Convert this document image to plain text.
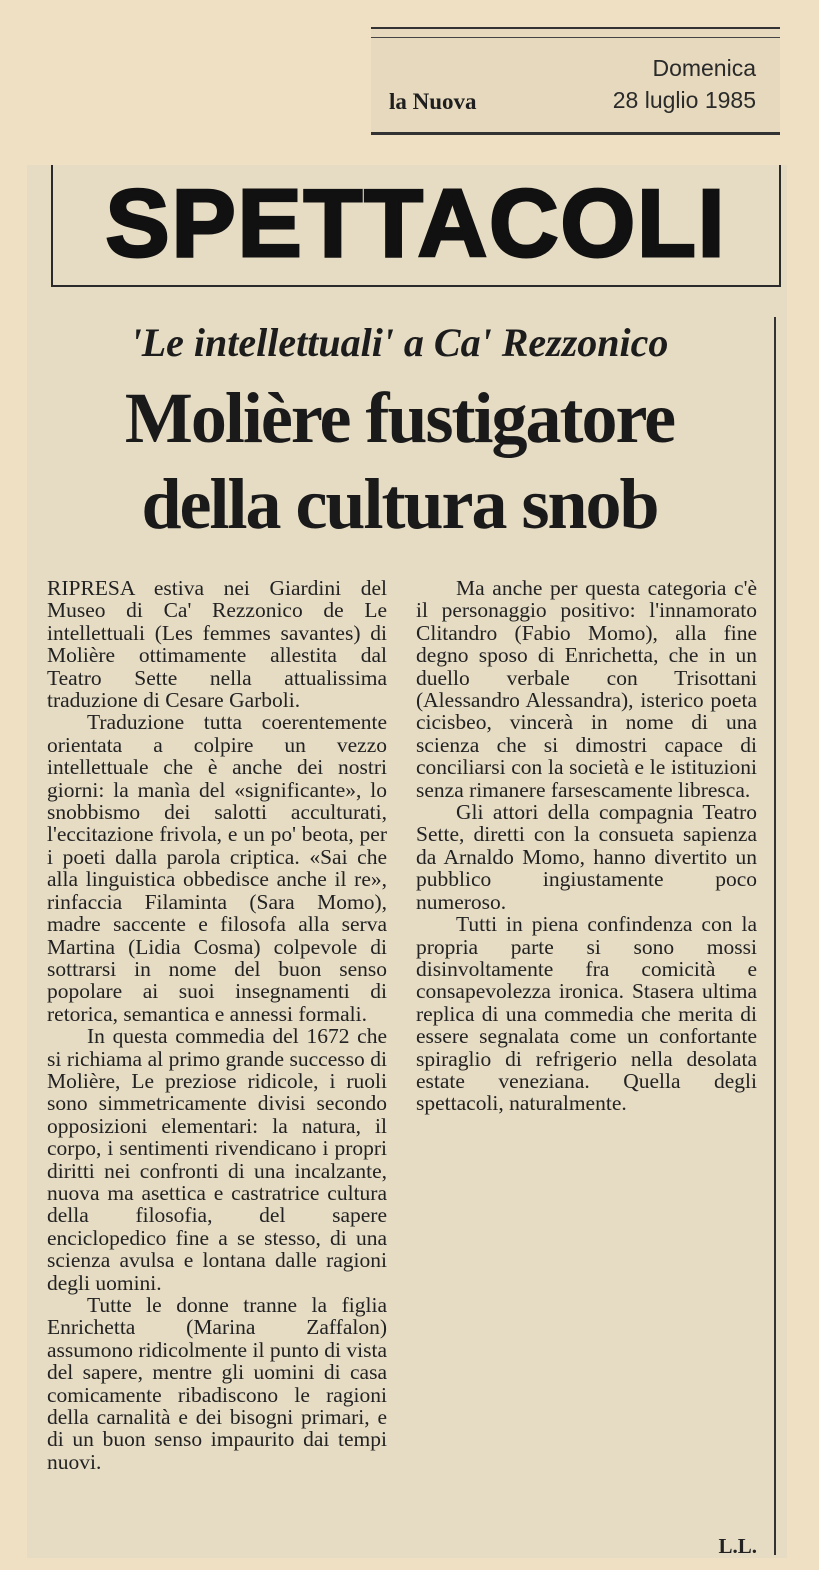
la Nuova
Domenica
28 luglio 1985
SPETTACOLI
'Le intellettuali' a Ca' Rezzonico
Molière fustigatore
della cultura snob

RIPRESA estiva nei Giardini del Museo di Ca' Rezzonico de Le intellettuali (Les femmes savantes) di Molière ottimamente allestita dal Teatro Sette nella attualissima traduzione di Cesare Garboli.

Traduzione tutta coerentemente orientata a colpire un vezzo intellettuale che è anche dei nostri giorni: la manìa del «significante», lo snobbismo dei salotti acculturati, l'eccitazione frivola, e un po' beota, per i poeti dalla parola criptica. «Sai che alla linguistica obbedisce anche il re», rinfaccia Filaminta (Sara Momo), madre saccente e filosofa alla serva Martina (Lidia Cosma) colpevole di sottrarsi in nome del buon senso popolare ai suoi insegnamenti di retorica, semantica e annessi formali.

In questa commedia del 1672 che si richiama al primo grande successo di Molière, Le preziose ridicole, i ruoli sono simmetricamente divisi secondo opposizioni elementari: la natura, il corpo, i sentimenti rivendicano i propri diritti nei confronti di una incalzante, nuova ma asettica e castratrice cultura della filosofia, del sapere enciclopedico fine a se stesso, di una scienza avulsa e lontana dalle ragioni degli uomini.

Tutte le donne tranne la figlia Enrichetta (Marina Zaffalon) assumono ridicolmente il punto di vista del sapere, mentre gli uomini di casa comicamente ribadiscono le ragioni della carnalità e dei bisogni primari, e di un buon senso impaurito dai tempi nuovi.

Ma anche per questa categoria c'è il personaggio positivo: l'innamorato Clitandro (Fabio Momo), alla fine degno sposo di Enrichetta, che in un duello verbale con Trisottani (Alessandro Alessandra), isterico poeta cicisbeo, vincerà in nome di una scienza che si dimostri capace di conciliarsi con la società e le istituzioni senza rimanere farsescamente libresca.

Gli attori della compagnia Teatro Sette, diretti con la consueta sapienza da Arnaldo Momo, hanno divertito un pubblico ingiustamente poco numeroso.

Tutti in piena confindenza con la propria parte si sono mossi disinvoltamente fra comicità e consapevolezza ironica. Stasera ultima replica di una commedia che merita di essere segnalata come un confortante spiraglio di refrigerio nella desolata estate veneziana. Quella degli spettacoli, naturalmente.

L.L.
